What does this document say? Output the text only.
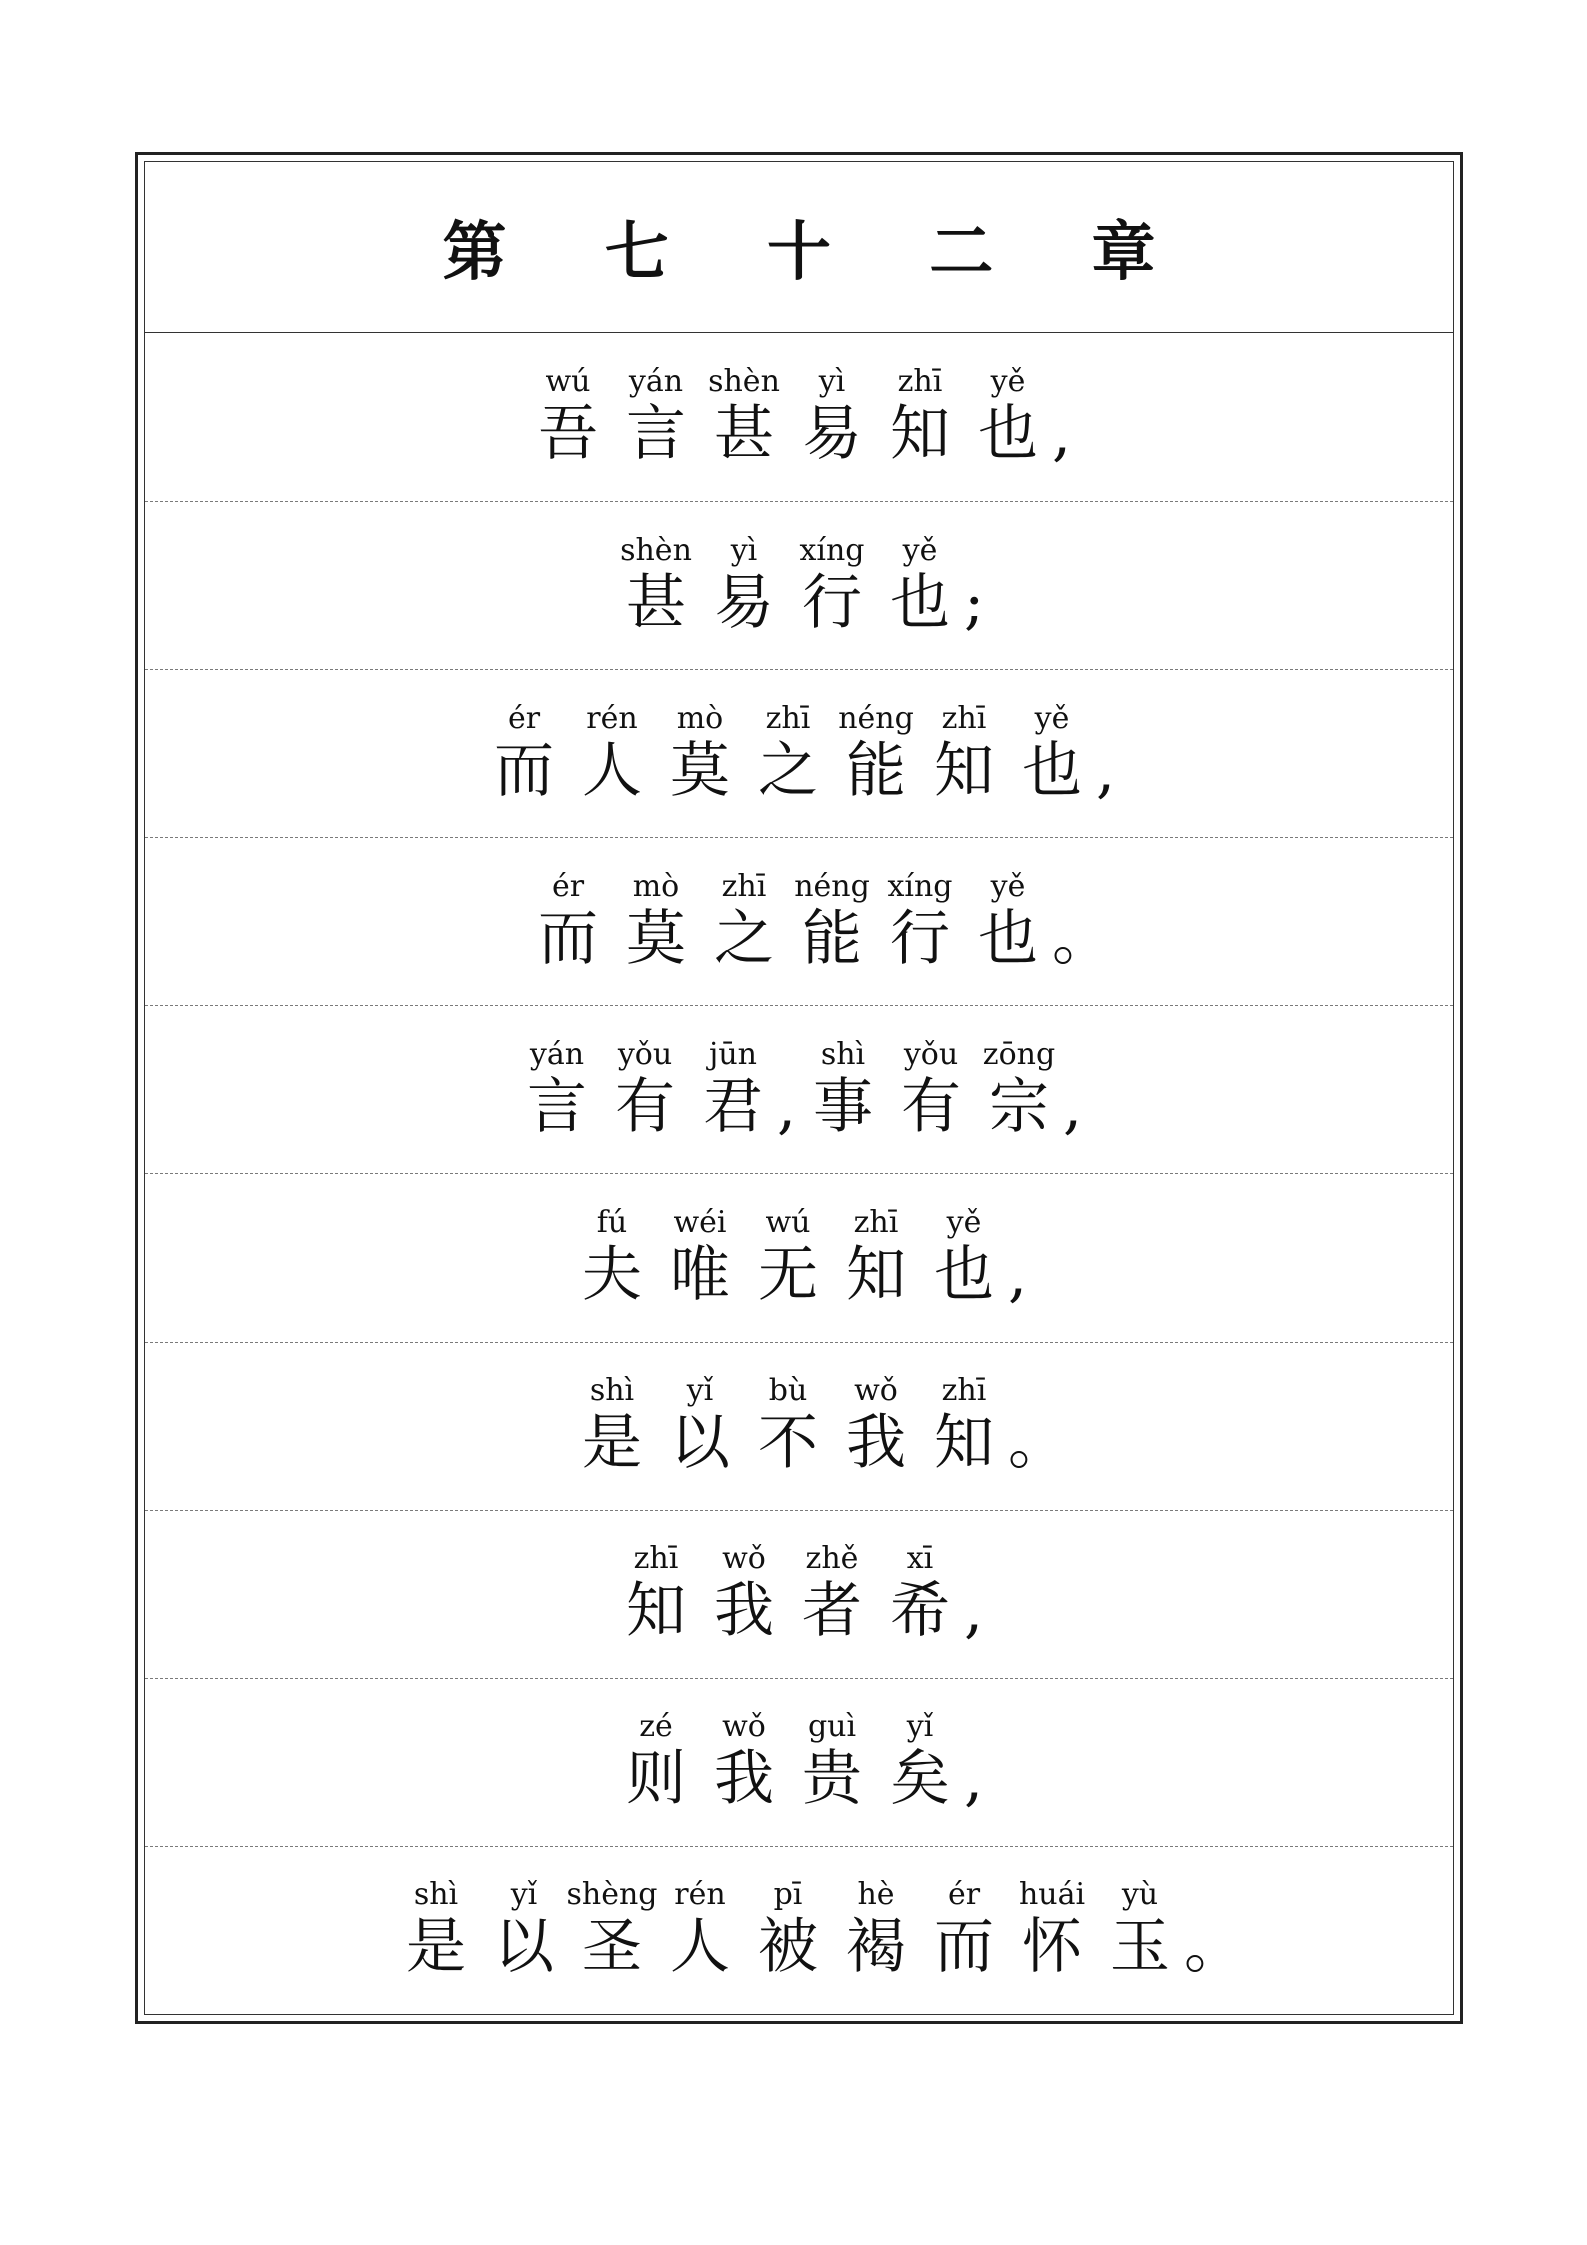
第 七 十 二 章
wú
吾
yán
言
shèn
甚
yì
易
zhī
知
yě
也 ,
shèn
甚
yì
易
xíng
行
yě
也 ;
ér
而
rén
人
mò
莫
zhī
之
néng
能
zhī
知
yě
也 ,
ér
而
mò
莫
zhī
之
néng
能
xíng
行
yě
也 。
yán
言
yǒu
有
jūn
君 ,
shì
事
yǒu
有
zōng
宗 ,
fú
夫
wéi
唯
wú
无
zhī
知
yě
也 ,
shì
是
yǐ
以
bù
不
wǒ
我
zhī
知 。
zhī
知
wǒ
我
zhě
者
xī
希 ,
zé
则
wǒ
我
guì
贵
yǐ
矣 ,
shì
是
yǐ
以
shèng
圣
rén
人
pī
被
hè
褐
ér
而
huái
怀
yù
玉 。
